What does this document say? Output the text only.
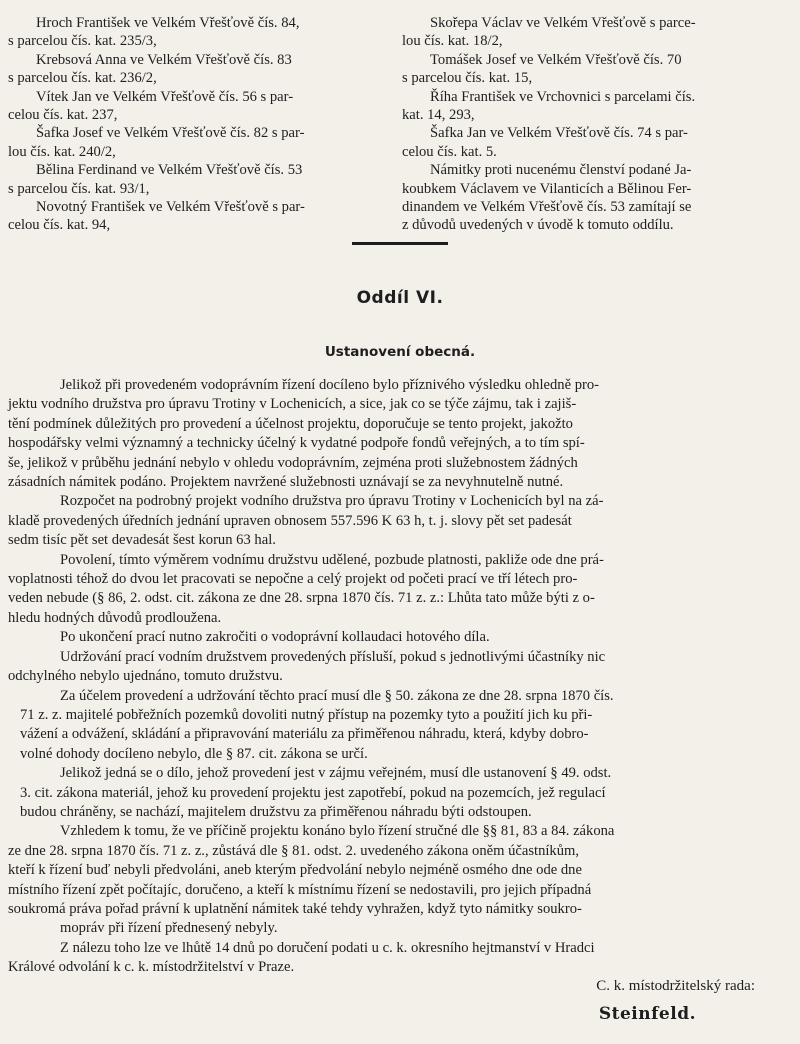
Hroch František ve Velkém Vřešťově čís. 84,
s parcelou čís. kat. 235/3,
Krebsová Anna ve Velkém Vřešťově čís. 83
s parcelou čís. kat. 236/2,
Vítek Jan ve Velkém Vřešťově čís. 56 s par-
celou čís. kat. 237,
Šafka Josef ve Velkém Vřešťově čís. 82 s par-
lou čís. kat. 240/2,
Bělina Ferdinand ve Velkém Vřešťově čís. 53
s parcelou čís. kat. 93/1,
Novotný František ve Velkém Vřešťově s par-
celou čís. kat. 94,
Skořepa Václav ve Velkém Vřešťově s parce-
lou čís. kat. 18/2,
Tomášek Josef ve Velkém Vřešťově čís. 70
s parcelou čís. kat. 15,
Říha František ve Vrchovnici s parcelami čís.
kat. 14, 293,
Šafka Jan ve Velkém Vřešťově čís. 74 s par-
celou čís. kat. 5.
Námitky proti nucenému členství podané Ja-
koubkem Václavem ve Vilanticích a Bělinou Fer-
dinandem ve Velkém Vřešťově čís. 53 zamítají se
z důvodů uvedených v úvodě k tomuto oddílu.
Oddíl VI.
Ustanovení obecná.
Jelikož při provedeném vodoprávním řízení docíleno bylo příznivého výsledku ohledně pro-
jektu vodního družstva pro úpravu Trotiny v Lochenicích, a sice, jak co se týče zájmu, tak i zajiš-
tění podmínek důležitých pro provedení a účelnost projektu, doporučuje se tento projekt, jakožto
hospodářsky velmi významný a technicky účelný k vydatné podpoře fondů veřejných, a to tím spí-
še, jelikož v průběhu jednání nebylo v ohledu vodoprávním, zejména proti služebnostem žádných
zásadních námitek podáno. Projektem navržené služebnosti uznávají se za nevyhnutelně nutné.
Rozpočet na podrobný projekt vodního družstva pro úpravu Trotiny v Lochenicích byl na zá-
kladě provedených úředních jednání upraven obnosem 557.596 K 63 h, t. j. slovy pět set padesát
sedm tisíc pět set devadesát šest korun 63 hal.
Povolení, tímto výměrem vodnímu družstvu udělené, pozbude platnosti, pakliže ode dne prá-
voplatnosti téhož do dvou let pracovati se nepočne a celý projekt od početi prací ve tří létech pro-
veden nebude (§ 86, 2. odst. cit. zákona ze dne 28. srpna 1870 čís. 71 z. z.: Lhůta tato může býti z o-
hledu hodných důvodů prodloužena.
Po ukončení prací nutno zakročiti o vodoprávní kollaudaci hotového díla.
Udržování prací vodním družstvem provedených přísluší, pokud s jednotlivými účastníky nic
odchylného nebylo ujednáno, tomuto družstvu.
Za účelem provedení a udržování těchto prací musí dle § 50. zákona ze dne 28. srpna 1870 čís.
71 z. z. majitelé pobřežních pozemků dovoliti nutný přístup na pozemky tyto a použití jich ku při-
vážení a odvážení, skládání a připravování materiálu za přiměřenou náhradu, která, kdyby dobro-
volné dohody docíleno nebylo, dle § 87. cit. zákona se určí.
Jelikož jedná se o dílo, jehož provedení jest v zájmu veřejném, musí dle ustanovení § 49. odst.
3. cit. zákona materiál, jehož ku provedení projektu jest zapotřebí, pokud na pozemcích, jež regulací
budou chráněny, se nachází, majitelem družstvu za přiměřenou náhradu býti odstoupen.
Vzhledem k tomu, že ve příčině projektu konáno bylo řízení stručné dle §§ 81, 83 a 84. zákona
ze dne 28. srpna 1870 čís. 71 z. z., zůstává dle § 81. odst. 2. uvedeného zákona oněm účastníkům,
kteří k řízení buď nebyli předvoláni, aneb kterým předvolání nebylo nejméně osmého dne ode dne
místního řízení zpět počítajíc, doručeno, a kteří k místnímu řízení se nedostavili, pro jejich případná
soukromá práva pořad právní k uplatnění námitek také tehdy vyhražen, když tyto námitky soukro-
mopráv při řízení přednesený nebyly.
Z nálezu toho lze ve lhůtě 14 dnů po doručení podati u c. k. okresního hejtmanství v Hradci
Králové odvolání k c. k. místodržitelství v Praze.
C. k. místodržitelský rada:
Steinfeld.
